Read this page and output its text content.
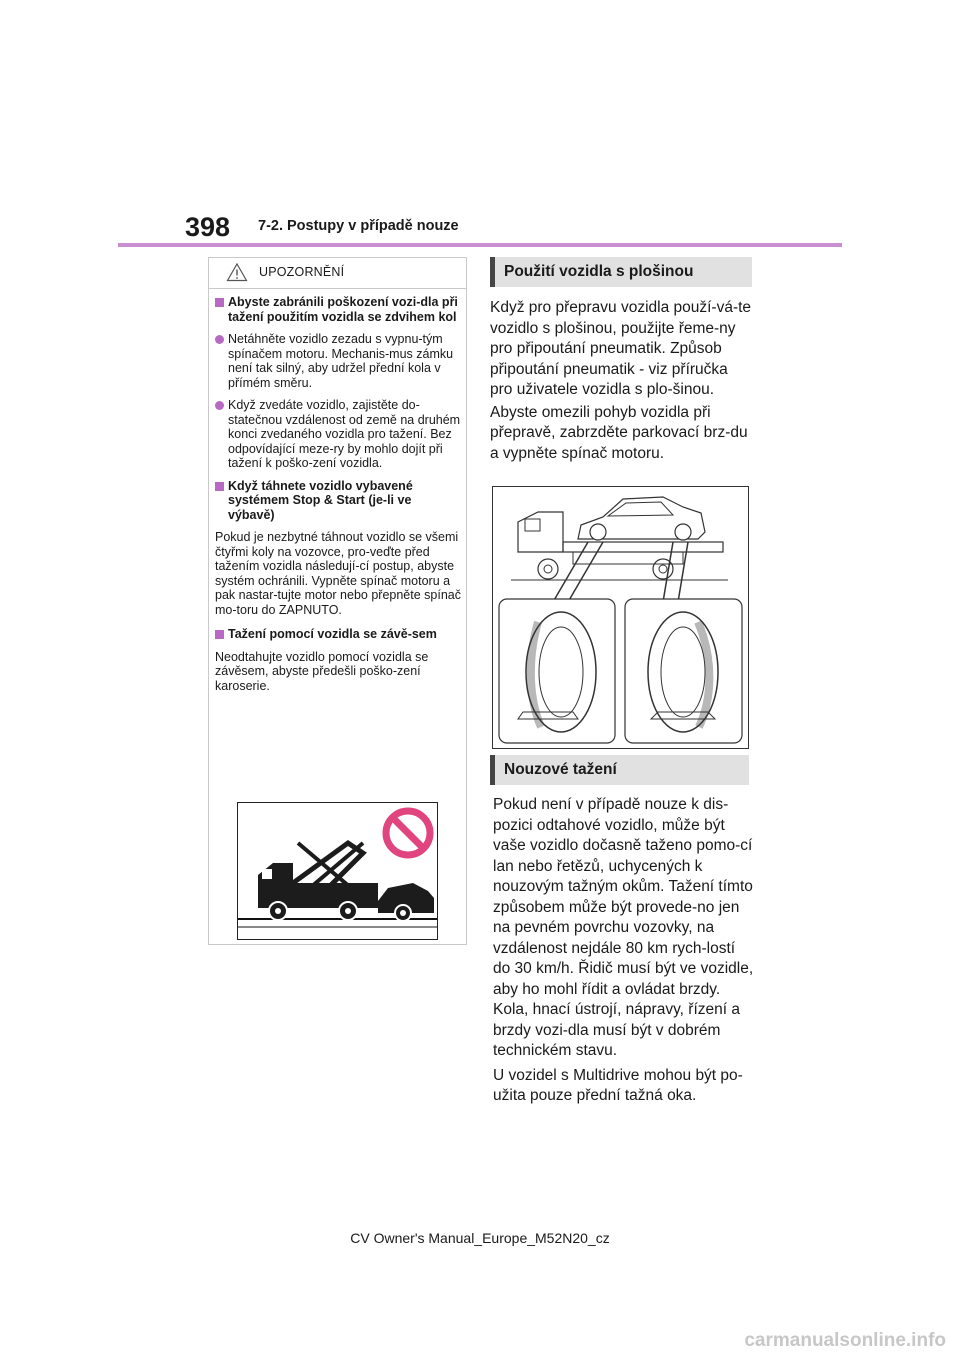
398 7-2. Postupy v případě nouze
UPOZORNĚNÍ
Abyste zabránili poškození vozi-dla při tažení použitím vozidla se zdvihem kol
Netáhněte vozidlo zezadu s vypnu-tým spínačem motoru. Mechanis-mus zámku není tak silný, aby udržel přední kola v přímém směru.
Když zvedáte vozidlo, zajistěte do-statečnou vzdálenost od země na druhém konci zvedaného vozidla pro tažení. Bez odpovídající meze-ry by mohlo dojít při tažení k poško-zení vozidla.
Když táhnete vozidlo vybavené systémem Stop & Start (je-li ve výbavě)
Pokud je nezbytné táhnout vozidlo se všemi čtyřmi koly na vozovce, pro-veďte před tažením vozidla následují-cí postup, abyste systém ochránili. Vypněte spínač motoru a pak nastar-tujte motor nebo přepněte spínač mo-toru do ZAPNUTO.
Tažení pomocí vozidla se závě-sem
Neodtahujte vozidlo pomocí vozidla se závěsem, abyste předešli poško-zení karoserie.
Použití vozidla s plošinou

Když pro přepravu vozidla použí-vá-te vozidlo s plošinou, použijte řeme-ny pro připoutání pneumatik. Způsob připoutání pneumatik - viz příručka pro uživatele vozidla s plo-šinou.

Abyste omezili pohyb vozidla při přepravě, zabrzděte parkovací brz-du a vypněte spínač motoru.

Nouzové tažení

Pokud není v případě nouze k dis-pozici odtahové vozidlo, může být vaše vozidlo dočasně taženo pomo-cí lan nebo řetězů, uchycených k nouzovým tažným okům. Tažení tímto způsobem může být provede-no jen na pevném povrchu vozovky, na vzdálenost nejdále 80 km rych-lostí do 30 km/h. Řidič musí být ve vozidle, aby ho mohl řídit a ovládat brzdy. Kola, hnací ústrojí, nápravy, řízení a brzdy vozi-dla musí být v dobrém technickém stavu.

U vozidel s Multidrive mohou být po-užita pouze přední tažná oka.

CV Owner's Manual_Europe_M52N20_cz
carmanualsonline.info
